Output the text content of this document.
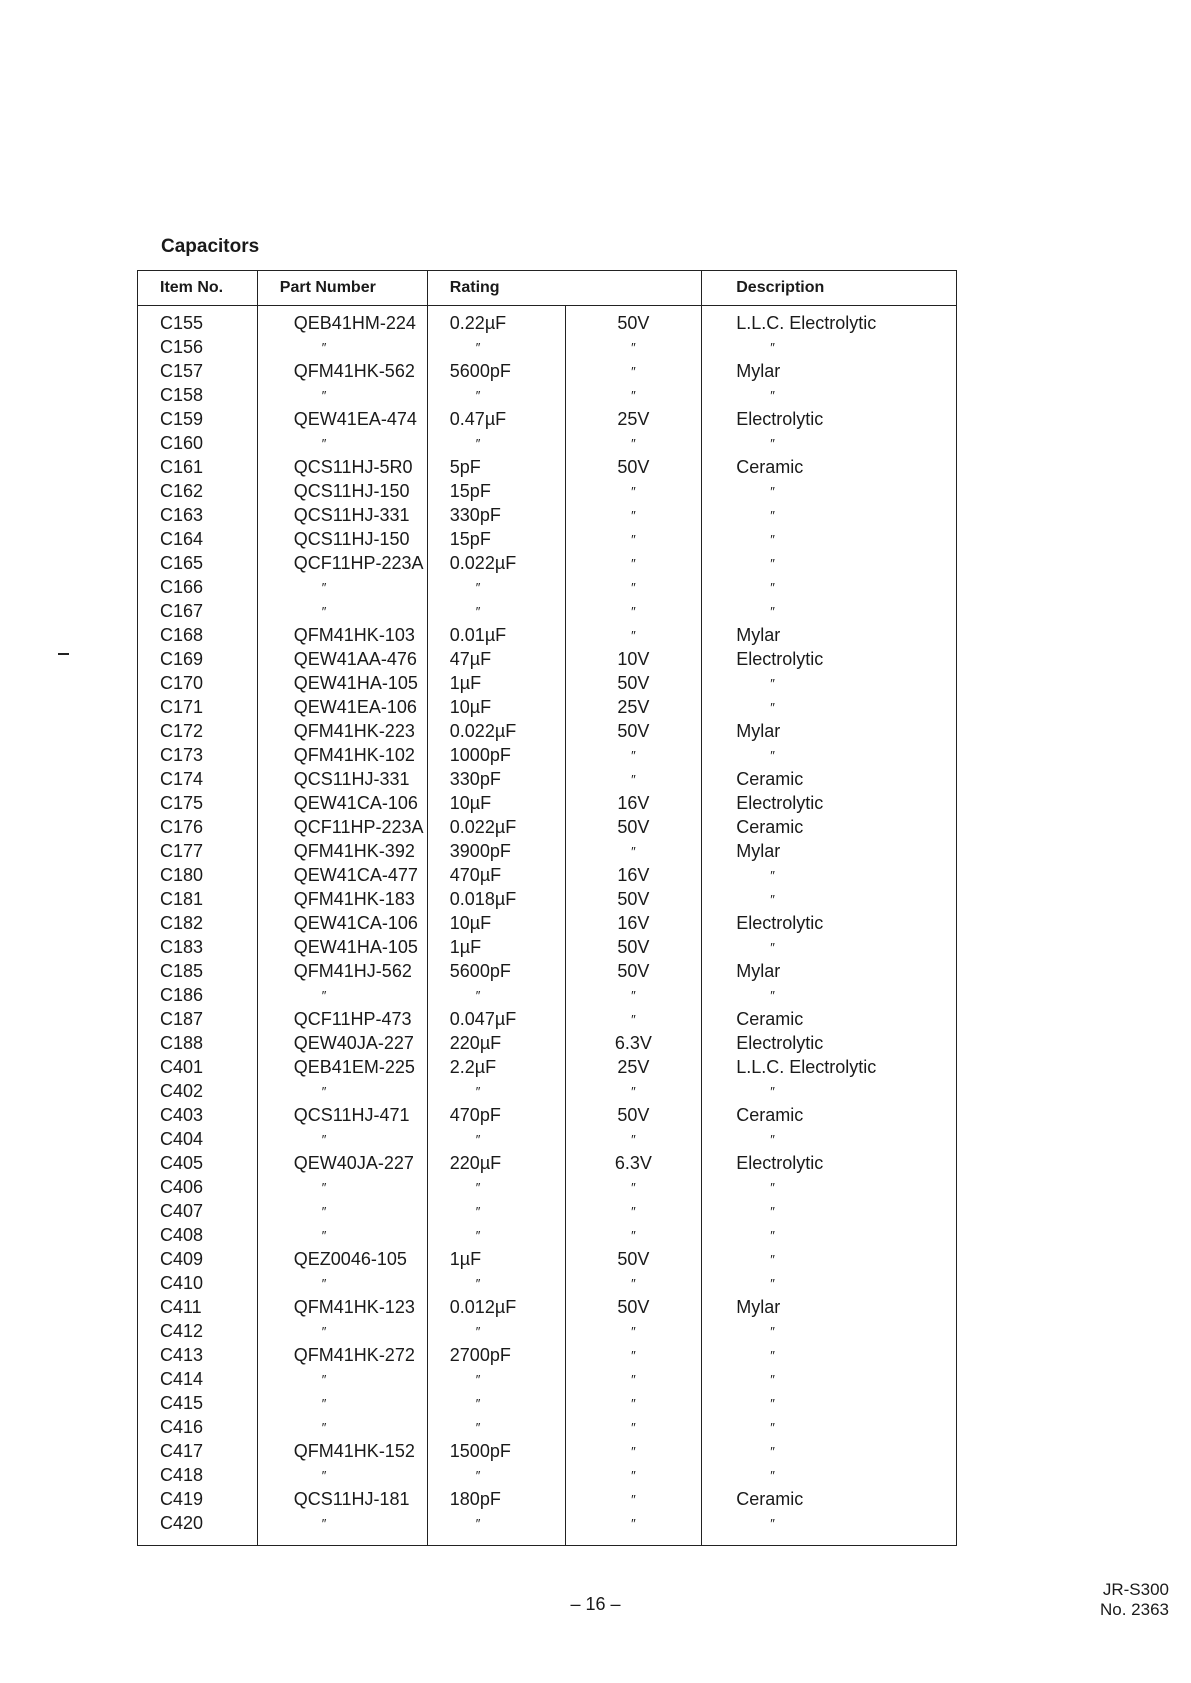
Capacitors
Item No.	Part Number	Rating		Description
C155	QEB41HM-224	0.22µF	50V	L.L.C. Electrolytic
C156	″	″	″	″
C157	QFM41HK-562	5600pF	″	Mylar
C158	″	″	″	″
C159	QEW41EA-474	0.47µF	25V	Electrolytic
C160	″	″	″	″
C161	QCS11HJ-5R0	5pF	50V	Ceramic
C162	QCS11HJ-150	15pF	″	″
C163	QCS11HJ-331	330pF	″	″
C164	QCS11HJ-150	15pF	″	″
C165	QCF11HP-223A	0.022µF	″	″
C166	″	″	″	″
C167	″	″	″	″
C168	QFM41HK-103	0.01µF	″	Mylar
C169	QEW41AA-476	47µF	10V	Electrolytic
C170	QEW41HA-105	1µF	50V	″
C171	QEW41EA-106	10µF	25V	″
C172	QFM41HK-223	0.022µF	50V	Mylar
C173	QFM41HK-102	1000pF	″	″
C174	QCS11HJ-331	330pF	″	Ceramic
C175	QEW41CA-106	10µF	16V	Electrolytic
C176	QCF11HP-223A	0.022µF	50V	Ceramic
C177	QFM41HK-392	3900pF	″	Mylar
C180	QEW41CA-477	470µF	16V	″
C181	QFM41HK-183	0.018µF	50V	″
C182	QEW41CA-106	10µF	16V	Electrolytic
C183	QEW41HA-105	1µF	50V	″
C185	QFM41HJ-562	5600pF	50V	Mylar
C186	″	″	″	″
C187	QCF11HP-473	0.047µF	″	Ceramic
C188	QEW40JA-227	220µF	6.3V	Electrolytic
C401	QEB41EM-225	2.2µF	25V	L.L.C. Electrolytic
C402	″	″	″	″
C403	QCS11HJ-471	470pF	50V	Ceramic
C404	″	″	″	″
C405	QEW40JA-227	220µF	6.3V	Electrolytic
C406	″	″	″	″
C407	″	″	″	″
C408	″	″	″	″
C409	QEZ0046-105	1µF	50V	″
C410	″	″	″	″
C411	QFM41HK-123	0.012µF	50V	Mylar
C412	″	″	″	″
C413	QFM41HK-272	2700pF	″	″
C414	″	″	″	″
C415	″	″	″	″
C416	″	″	″	″
C417	QFM41HK-152	1500pF	″	″
C418	″	″	″	″
C419	QCS11HJ-181	180pF	″	Ceramic
C420	″	″	″	″
– 16 –
JR-S300
No. 2363
